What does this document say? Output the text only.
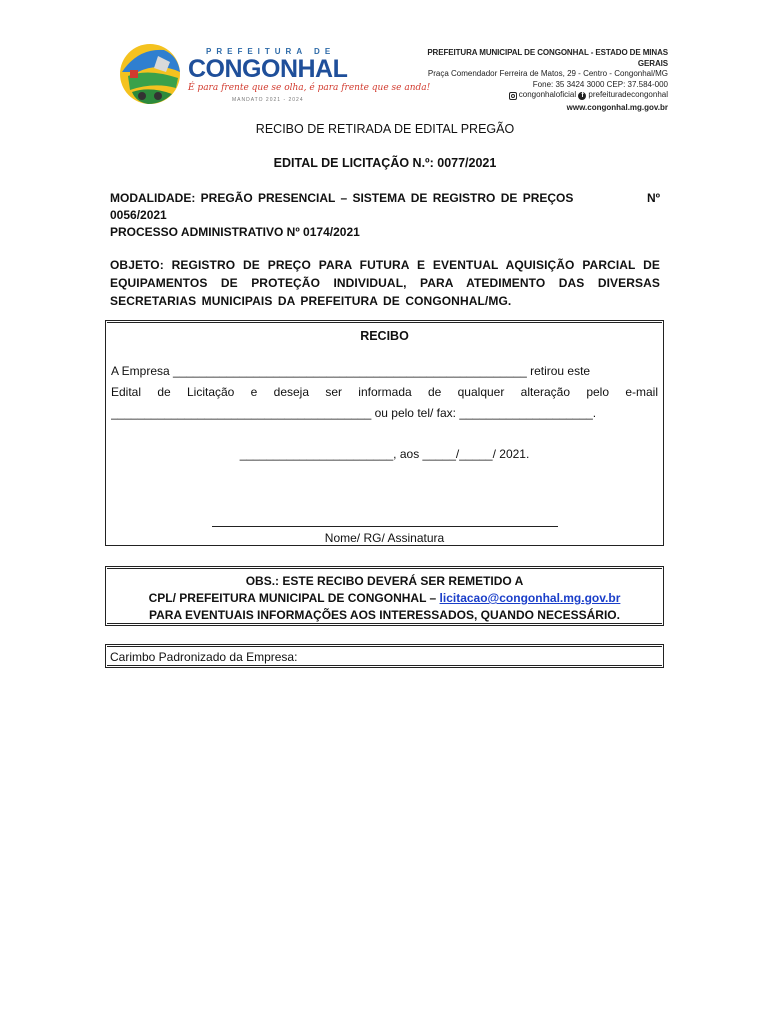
PREFEITURA DE
CONGONHAL
É para frente que se olha, é para frente que se anda!
MANDATO 2021 - 2024
PREFEITURA MUNICIPAL DE CONGONHAL - ESTADO DE MINAS GERAIS
Praça Comendador Ferreira de Matos, 29 - Centro - Congonhal/MG
Fone: 35 3424 3000 CEP: 37.584-000
congonhaloficial

f prefeituradecongonhal
www.congonhal.mg.gov.br
RECIBO DE RETIRADA DE EDITAL PREGÃO
EDITAL DE LICITAÇÃO N.º: 0077/2021
MODALIDADE: PREGÃO PRESENCIAL – SISTEMA DE REGISTRO DE PREÇOS	Nº
0056/2021
PROCESSO ADMINISTRATIVO Nº 0174/2021
OBJETO: REGISTRO DE PREÇO PARA FUTURA E EVENTUAL AQUISIÇÃO PARCIAL DE EQUIPAMENTOS DE PROTEÇÃO INDIVIDUAL, PARA ATEDIMENTO DAS DIVERSAS SECRETARIAS MUNICIPAIS DA PREFEITURA DE CONGONHAL/MG.
RECIBO
A Empresa _____________________________________________________ retirou este
Edital de Licitação e deseja ser informada de qualquer alteração pelo e-mail
_______________________________________ ou pelo tel/ fax: ____________________.
_______________________, aos _____/_____/ 2021.
Nome/ RG/ Assinatura
OBS.: ESTE RECIBO DEVERÁ SER REMETIDO A
CPL/ PREFEITURA MUNICIPAL DE CONGONHAL – licitacao@congonhal.mg.gov.br
PARA EVENTUAIS INFORMAÇÕES AOS INTERESSADOS, QUANDO NECESSÁRIO.
Carimbo Padronizado da Empresa:
